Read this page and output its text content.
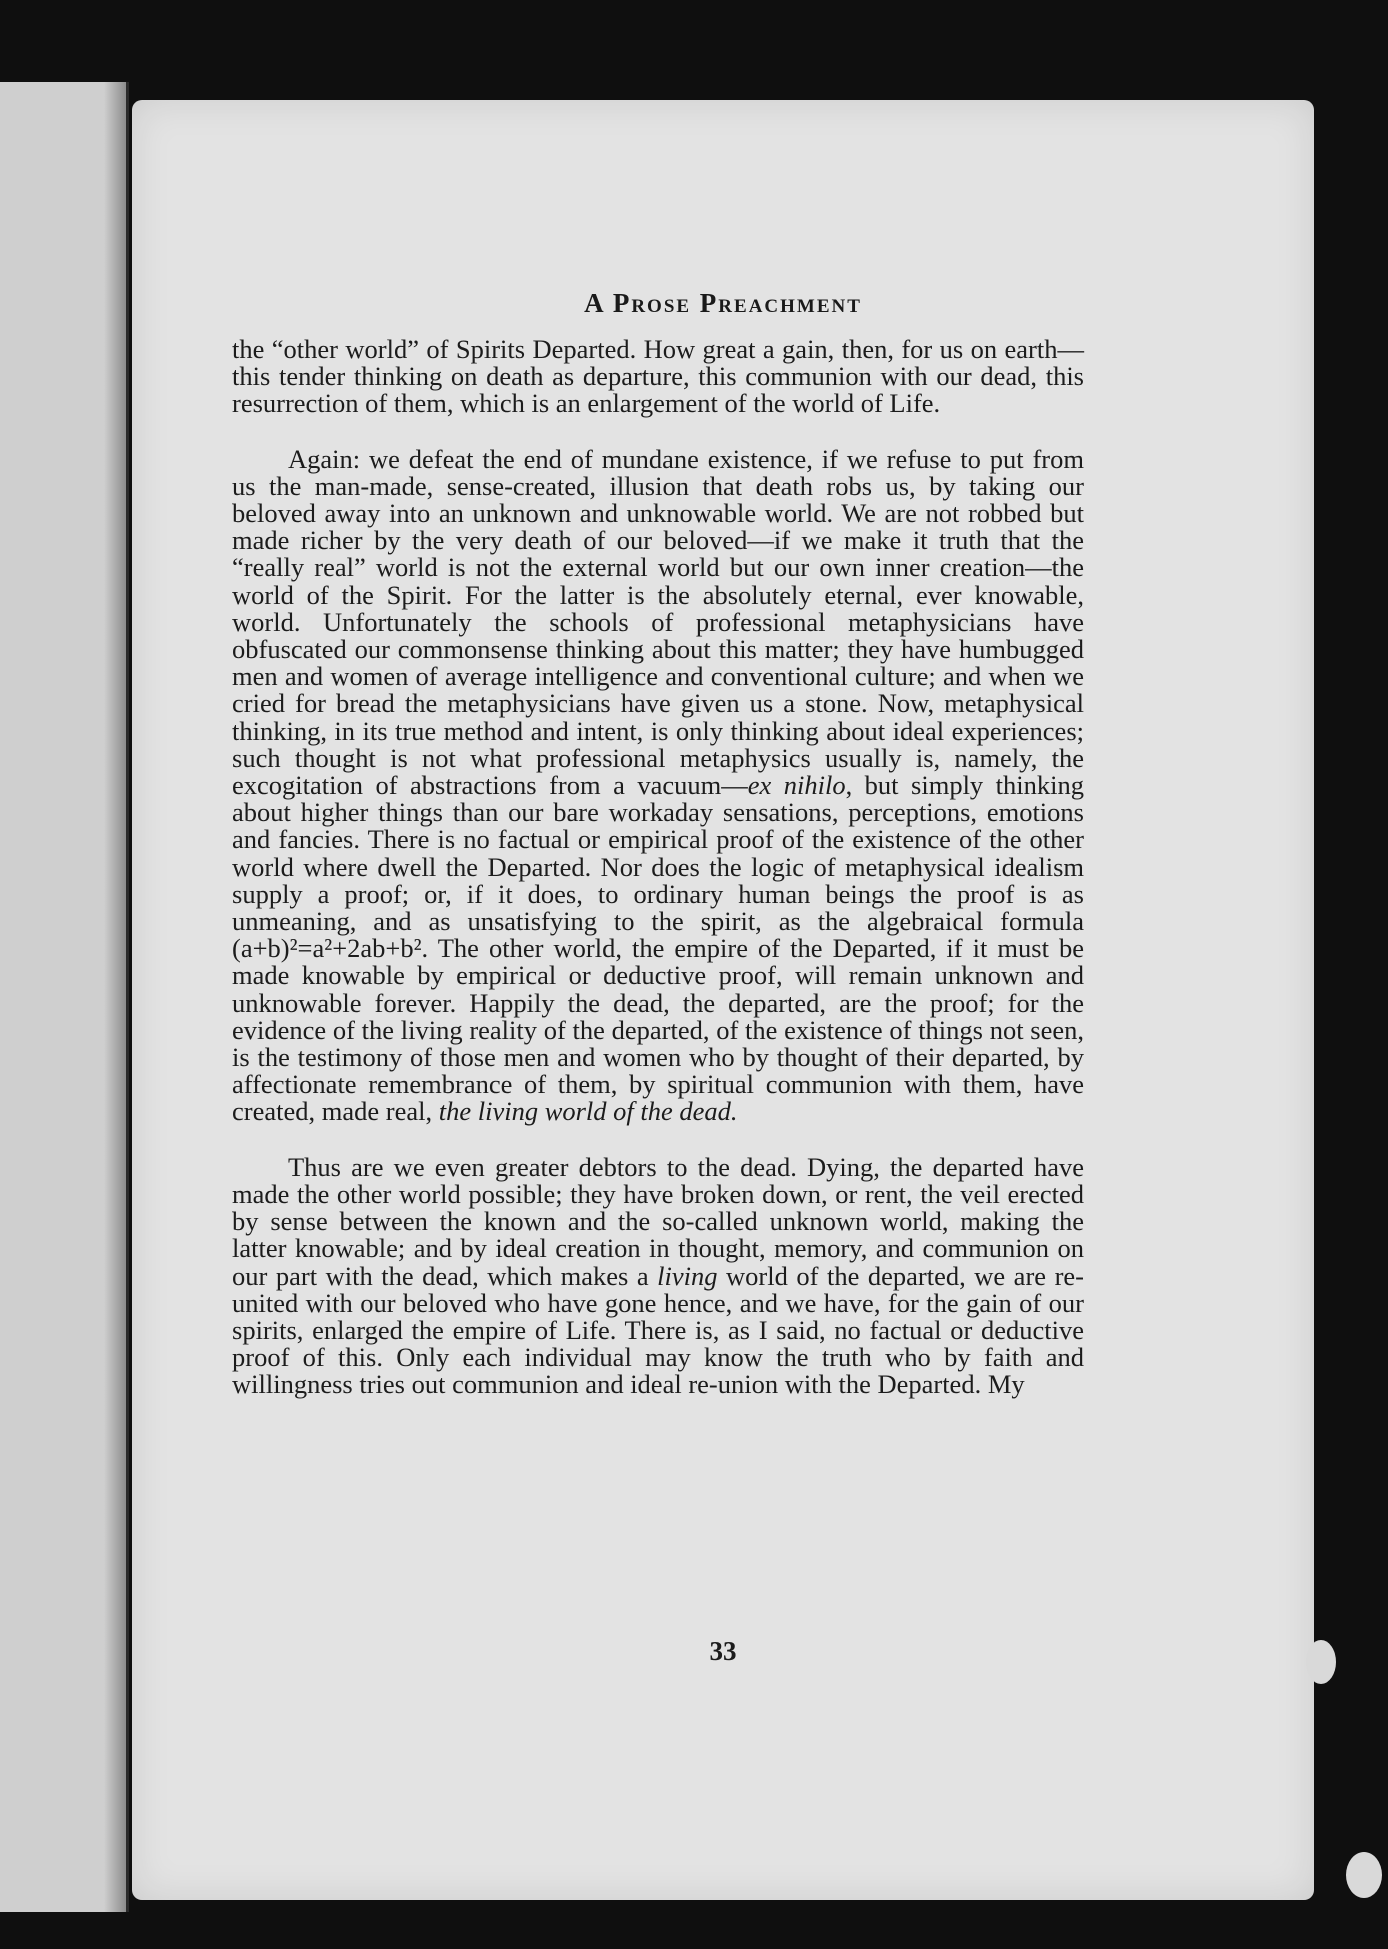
A Prose Preachment

the “other world” of Spirits Departed. How great a gain, then, for us on earth—this tender thinking on death as departure, this communion with our dead, this resurrection of them, which is an enlargement of the world of Life.

Again: we defeat the end of mundane existence, if we refuse to put from us the man-made, sense-created, illusion that death robs us, by taking our beloved away into an unknown and unknowable world. We are not robbed but made richer by the very death of our beloved—if we make it truth that the “really real” world is not the external world but our own inner creation—the world of the Spirit. For the latter is the absolutely eternal, ever knowable, world. Unfortunately the schools of professional metaphysicians have obfuscated our commonsense thinking about this matter; they have humbugged men and women of average intelligence and conventional culture; and when we cried for bread the metaphysicians have given us a stone. Now, metaphysical thinking, in its true method and intent, is only thinking about ideal experiences; such thought is not what professional metaphysics usually is, namely, the excogitation of abstractions from a vacuum—ex nihilo, but simply thinking about higher things than our bare workaday sensations, perceptions, emotions and fancies. There is no factual or empirical proof of the existence of the other world where dwell the Departed. Nor does the logic of metaphysical idealism supply a proof; or, if it does, to ordinary human beings the proof is as unmeaning, and as unsatisfying to the spirit, as the algebraical formula (a+b)²=a²+2ab+b². The other world, the empire of the Departed, if it must be made knowable by empirical or deductive proof, will remain unknown and unknowable forever. Happily the dead, the departed, are the proof; for the evidence of the living reality of the departed, of the existence of things not seen, is the testimony of those men and women who by thought of their departed, by affectionate remembrance of them, by spiritual communion with them, have created, made real, the living world of the dead.

Thus are we even greater debtors to the dead. Dying, the departed have made the other world possible; they have broken down, or rent, the veil erected by sense between the known and the so-called unknown world, making the latter knowable; and by ideal creation in thought, memory, and communion on our part with the dead, which makes a living world of the departed, we are re-united with our beloved who have gone hence, and we have, for the gain of our spirits, enlarged the empire of Life. There is, as I said, no factual or deductive proof of this. Only each individual may know the truth who by faith and willingness tries out communion and ideal re-union with the Departed. My

33
